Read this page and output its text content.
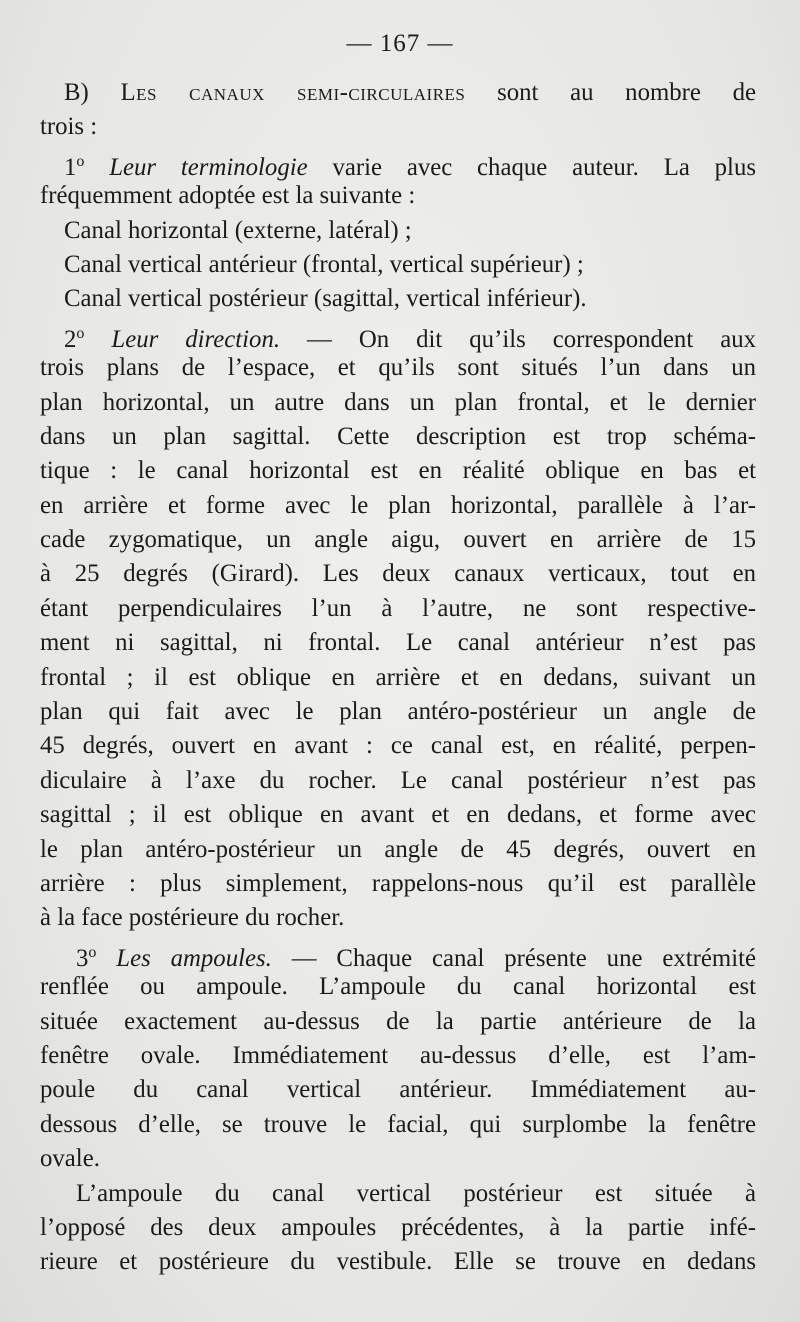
— 167 —
B) Les canaux semi-circulaires sont au nombre de
trois :
1$^o$ Leur terminologie varie avec chaque auteur. La plus
fréquemment adoptée est la suivante :
Canal horizontal (externe, latéral) ;
Canal vertical antérieur (frontal, vertical supérieur) ;
Canal vertical postérieur (sagittal, vertical inférieur).
2$^o$ Leur direction. — On dit qu’ils correspondent aux
trois plans de l’espace, et qu’ils sont situés l’un dans un
plan horizontal, un autre dans un plan frontal, et le dernier
dans un plan sagittal. Cette description est trop schéma-
tique : le canal horizontal est en réalité oblique en bas et
en arrière et forme avec le plan horizontal, parallèle à l’ar-
cade zygomatique, un angle aigu, ouvert en arrière de 15
à 25 degrés (Girard). Les deux canaux verticaux, tout en
étant perpendiculaires l’un à l’autre, ne sont respective-
ment ni sagittal, ni frontal. Le canal antérieur n’est pas
frontal ; il est oblique en arrière et en dedans, suivant un
plan qui fait avec le plan antéro-postérieur un angle de
45 degrés, ouvert en avant : ce canal est, en réalité, perpen-
diculaire à l’axe du rocher. Le canal postérieur n’est pas
sagittal ; il est oblique en avant et en dedans, et forme avec
le plan antéro-postérieur un angle de 45 degrés, ouvert en
arrière : plus simplement, rappelons-nous qu’il est parallèle
à la face postérieure du rocher.
3$^o$ Les ampoules. — Chaque canal présente une extrémité
renflée ou ampoule. L’ampoule du canal horizontal est
située exactement au-dessus de la partie antérieure de la
fenêtre ovale. Immédiatement au-dessus d’elle, est l’am-
poule du canal vertical antérieur. Immédiatement au-
dessous d’elle, se trouve le facial, qui surplombe la fenêtre
ovale.
L’ampoule du canal vertical postérieur est située à
l’opposé des deux ampoules précédentes, à la partie infé-
rieure et postérieure du vestibule. Elle se trouve en dedans
